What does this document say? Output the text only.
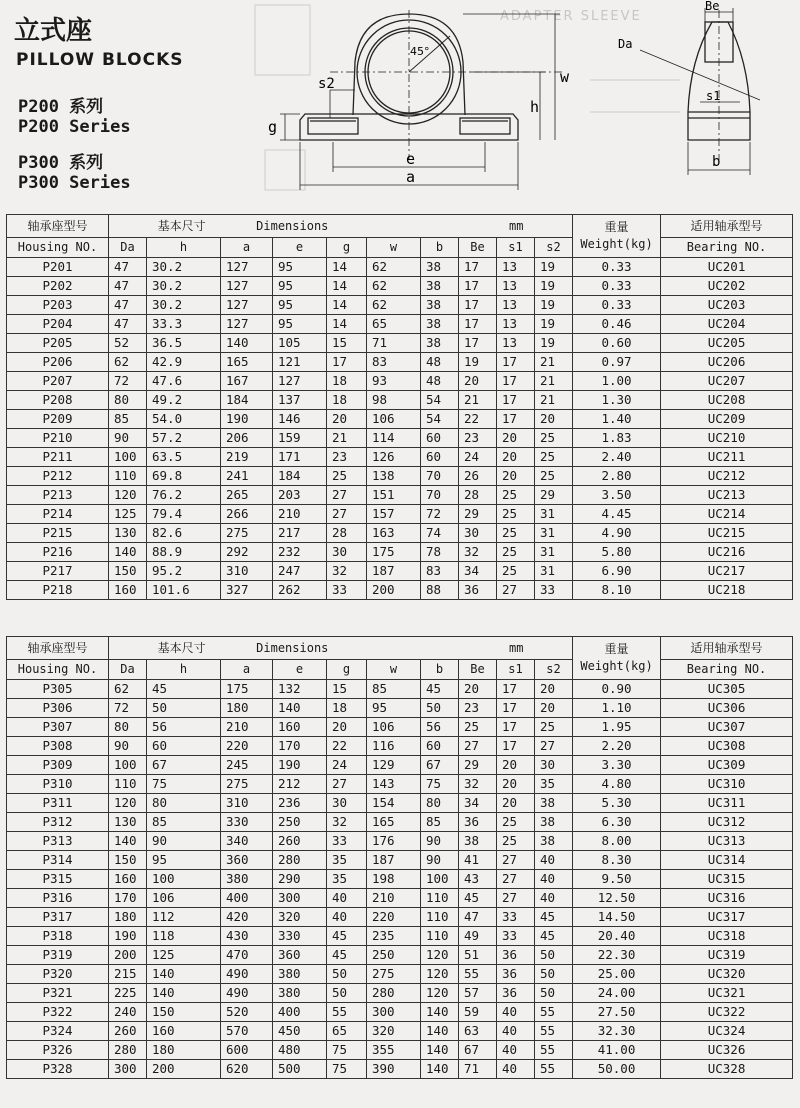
立式座
PILLOW BLOCKS
P200 系列
P200 Series
P300 系列
P300 Series
ADAPTER SLEEVE
45°
s2
g
w
h
e
a
Be
Da
s1
b
轴承座型号	基本尺寸 Dimensions mm										重量
Weight(kg)	适用轴承型号
Housing NO.	Da	h	a	e	g	w	b	Be	s1	s2		Bearing NO.
P201	47	30.2	127	95	14	62	38	17	13	19	0.33	UC201
P202	47	30.2	127	95	14	62	38	17	13	19	0.33	UC202
P203	47	30.2	127	95	14	62	38	17	13	19	0.33	UC203
P204	47	33.3	127	95	14	65	38	17	13	19	0.46	UC204
P205	52	36.5	140	105	15	71	38	17	13	19	0.60	UC205
P206	62	42.9	165	121	17	83	48	19	17	21	0.97	UC206
P207	72	47.6	167	127	18	93	48	20	17	21	1.00	UC207
P208	80	49.2	184	137	18	98	54	21	17	21	1.30	UC208
P209	85	54.0	190	146	20	106	54	22	17	20	1.40	UC209
P210	90	57.2	206	159	21	114	60	23	20	25	1.83	UC210
P211	100	63.5	219	171	23	126	60	24	20	25	2.40	UC211
P212	110	69.8	241	184	25	138	70	26	20	25	2.80	UC212
P213	120	76.2	265	203	27	151	70	28	25	29	3.50	UC213
P214	125	79.4	266	210	27	157	72	29	25	31	4.45	UC214
P215	130	82.6	275	217	28	163	74	30	25	31	4.90	UC215
P216	140	88.9	292	232	30	175	78	32	25	31	5.80	UC216
P217	150	95.2	310	247	32	187	83	34	25	31	6.90	UC217
P218	160	101.6	327	262	33	200	88	36	27	33	8.10	UC218
轴承座型号	基本尺寸 Dimensions mm										重量
Weight(kg)	适用轴承型号
Housing NO.	Da	h	a	e	g	w	b	Be	s1	s2		Bearing NO.
P305	62	45	175	132	15	85	45	20	17	20	0.90	UC305
P306	72	50	180	140	18	95	50	23	17	20	1.10	UC306
P307	80	56	210	160	20	106	56	25	17	25	1.95	UC307
P308	90	60	220	170	22	116	60	27	17	27	2.20	UC308
P309	100	67	245	190	24	129	67	29	20	30	3.30	UC309
P310	110	75	275	212	27	143	75	32	20	35	4.80	UC310
P311	120	80	310	236	30	154	80	34	20	38	5.30	UC311
P312	130	85	330	250	32	165	85	36	25	38	6.30	UC312
P313	140	90	340	260	33	176	90	38	25	38	8.00	UC313
P314	150	95	360	280	35	187	90	41	27	40	8.30	UC314
P315	160	100	380	290	35	198	100	43	27	40	9.50	UC315
P316	170	106	400	300	40	210	110	45	27	40	12.50	UC316
P317	180	112	420	320	40	220	110	47	33	45	14.50	UC317
P318	190	118	430	330	45	235	110	49	33	45	20.40	UC318
P319	200	125	470	360	45	250	120	51	36	50	22.30	UC319
P320	215	140	490	380	50	275	120	55	36	50	25.00	UC320
P321	225	140	490	380	50	280	120	57	36	50	24.00	UC321
P322	240	150	520	400	55	300	140	59	40	55	27.50	UC322
P324	260	160	570	450	65	320	140	63	40	55	32.30	UC324
P326	280	180	600	480	75	355	140	67	40	55	41.00	UC326
P328	300	200	620	500	75	390	140	71	40	55	50.00	UC328
